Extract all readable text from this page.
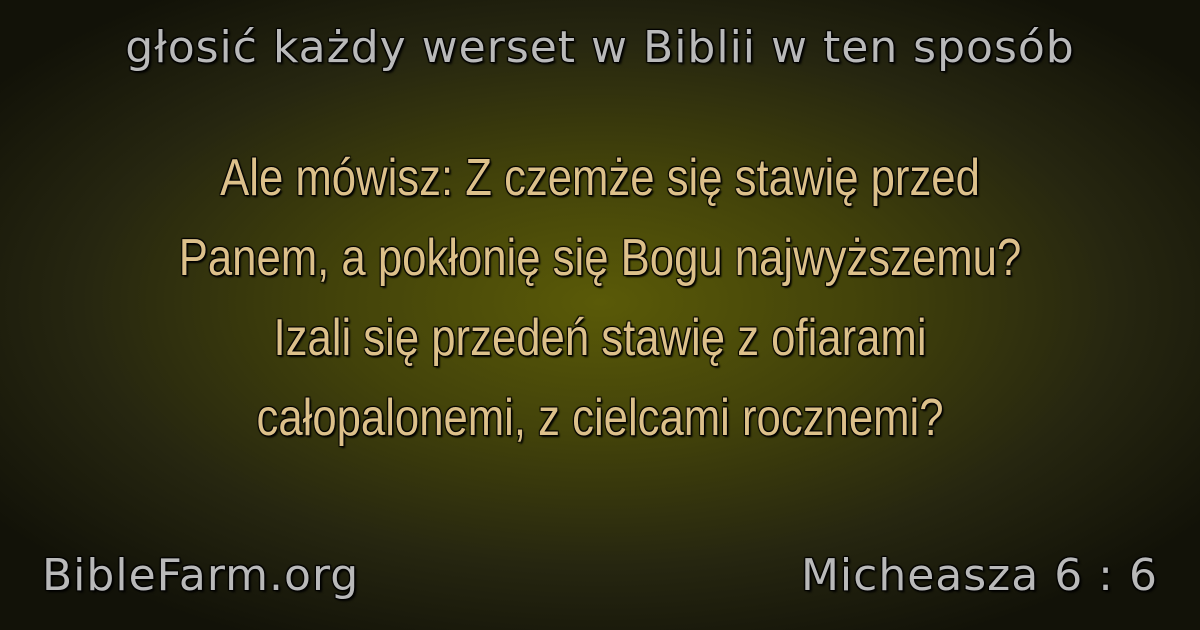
głosić każdy werset w Biblii w ten sposób
Ale mówisz: Z czemże się stawię przed
Panem, a pokłonię się Bogu najwyższemu?
Izali się przedeń stawię z ofiarami
całopalonemi, z cielcami rocznemi?
BibleFarm.org	Micheasza 6 : 6
